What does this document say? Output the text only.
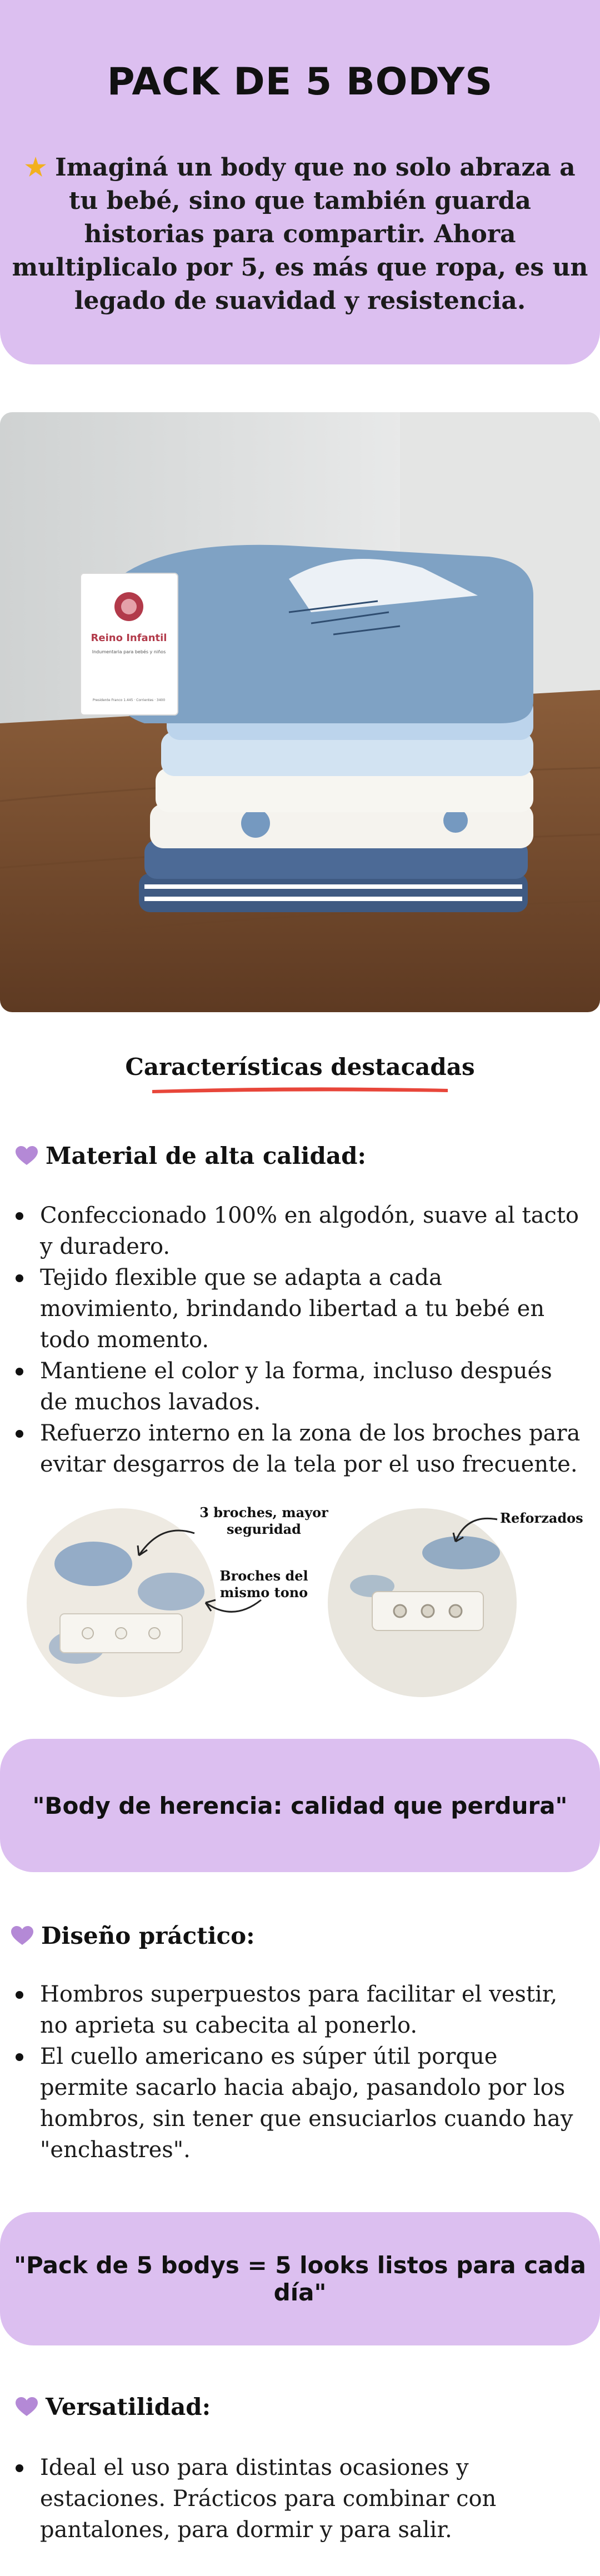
PACK DE 5 BODYS
★ Imaginá un body que no solo abraza a tu bebé, sino que también guarda historias para compartir. Ahora multiplicalo por 5, es más que ropa, es un legado de suavidad y resistencia.
Reino Infantil
Indumentaria para bebés y niños
Presidente Franco 1.445 · Corrientes · 3400
Características destacadas
Material de alta calidad:
Confeccionado 100% en algodón, suave al tacto y duradero.
Tejido flexible que se adapta a cada movimiento, brindando libertad a tu bebé en todo momento.
Mantiene el color y la forma, incluso después de muchos lavados.
Refuerzo interno en la zona de los broches para evitar desgarros de la tela por el uso frecuente.
3 broches, mayor seguridad
Broches del mismo tono
Reforzados
"Body de herencia: calidad que perdura"
Diseño práctico:
Hombros superpuestos para facilitar el vestir, no aprieta su cabecita al ponerlo.
El cuello americano es súper útil porque permite sacarlo hacia abajo, pasandolo por los hombros, sin tener que ensuciarlos cuando hay "enchastres".
"Pack de 5 bodys = 5 looks listos para cada día"
Versatilidad:
Ideal el uso para distintas ocasiones y estaciones. Prácticos para combinar con pantalones, para dormir y para salir.
